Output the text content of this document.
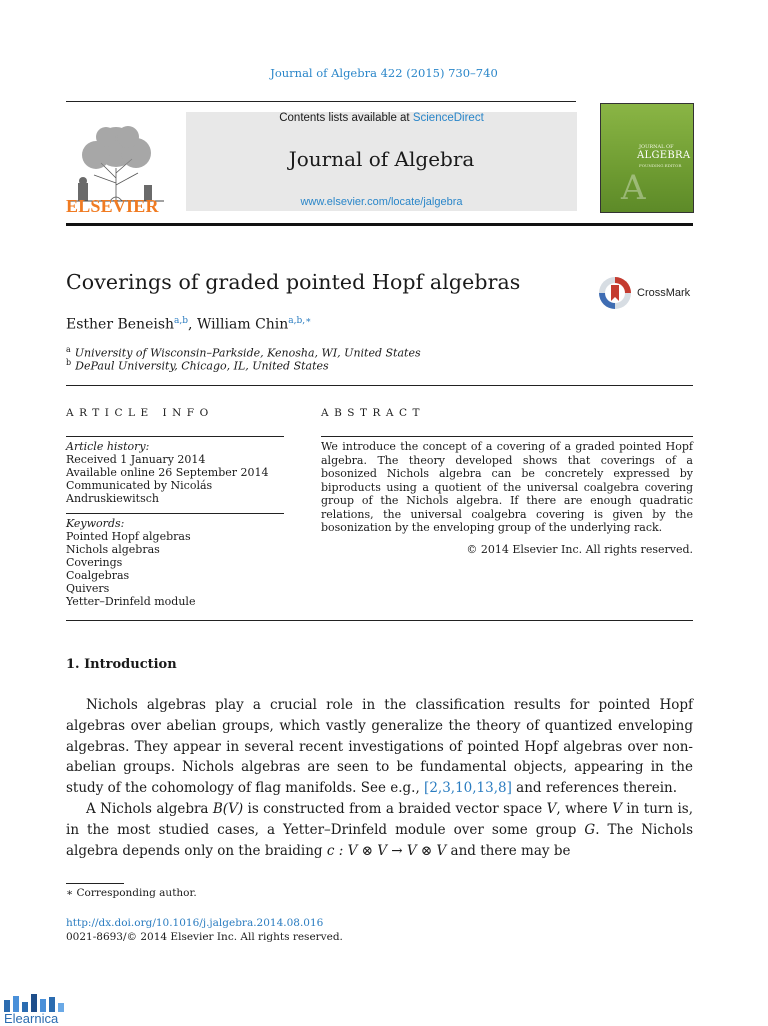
Journal of Algebra 422 (2015) 730–740
ELSEVIER
Contents lists available at ScienceDirect
Journal of Algebra
www.elsevier.com/locate/jalgebra
JOURNAL OF
ALGEBRA
FOUNDING EDITOR
A
Coverings of graded pointed Hopf algebras	CrossMark
Esther Beneish$^{a,b}$, William Chin$^{a,b,∗}$
$^a$ University of Wisconsin–Parkside, Kenosha, WI, United States
$^b$ DePaul University, Chicago, IL, United States
ARTICLE INFO
Article history:
Received 1 January 2014
Available online 26 September 2014
Communicated by Nicolás
Andruskiewitsch
Keywords:
Pointed Hopf algebras
Nichols algebras
Coverings
Coalgebras
Quivers
Yetter–Drinfeld module
ABSTRACT
We introduce the concept of a covering of a graded pointed Hopf algebra. The theory developed shows that coverings of a bosonized Nichols algebra can be concretely expressed by biproducts using a quotient of the universal coalgebra covering group of the Nichols algebra. If there are enough quadratic relations, the universal coalgebra covering is given by the bosonization by the enveloping group of the underlying rack.
© 2014 Elsevier Inc. All rights reserved.
1. Introduction
Nichols algebras play a crucial role in the classification results for pointed Hopf algebras over abelian groups, which vastly generalize the theory of quantized enveloping algebras. They appear in several recent investigations of pointed Hopf algebras over non-abelian groups. Nichols algebras are seen to be fundamental objects, appearing in the study of the cohomology of flag manifolds. See e.g., [2,3,10,13,8] and references therein.
A Nichols algebra B(V) is constructed from a braided vector space V, where V in turn is, in the most studied cases, a Yetter–Drinfeld module over some group G. The Nichols algebra depends only on the braiding c : V ⊗ V → V ⊗ V and there may be
∗ Corresponding author.
http://dx.doi.org/10.1016/j.jalgebra.2014.08.016
0021-8693/© 2014 Elsevier Inc. All rights reserved.
Elearnica
